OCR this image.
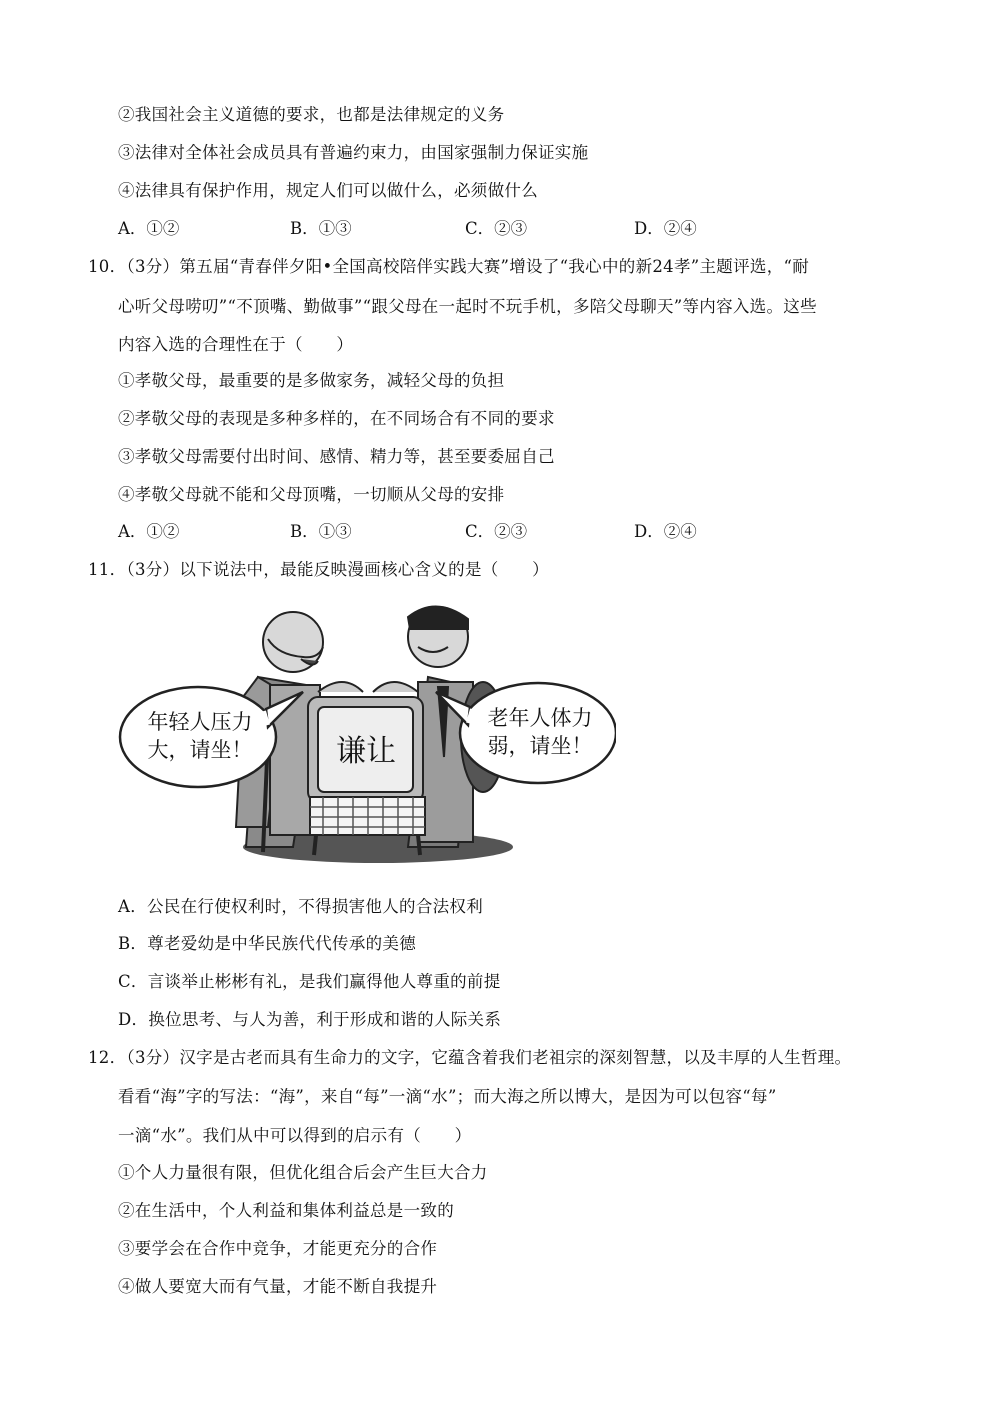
②我国社会主义道德的要求，也都是法律规定的义务
③法律对全体社会成员具有普遍约束力，由国家强制力保证实施
④法律具有保护作用，规定人们可以做什么，必须做什么
A．①②	B．①③	C．②③	D．②④
10．（3分）第五届“青春伴夕阳•全国高校陪伴实践大赛”增设了“我心中的新24孝”主题评选，“耐
心听父母唠叨”“不顶嘴、勤做事”“跟父母在一起时不玩手机，多陪父母聊天”等内容入选。这些
内容入选的合理性在于（　　）
①孝敬父母，最重要的是多做家务，减轻父母的负担
②孝敬父母的表现是多种多样的，在不同场合有不同的要求
③孝敬父母需要付出时间、感情、精力等，甚至要委屈自己
④孝敬父母就不能和父母顶嘴，一切顺从父母的安排
A．①②	B．①③	C．②③	D．②④
11．（3分）以下说法中，最能反映漫画核心含义的是（　　）
谦让
年轻人压力
大，请坐！
老年人体力
弱，请坐！
A．公民在行使权利时，不得损害他人的合法权利
B．尊老爱幼是中华民族代代传承的美德
C．言谈举止彬彬有礼，是我们赢得他人尊重的前提
D．换位思考、与人为善，利于形成和谐的人际关系
12．（3分）汉字是古老而具有生命力的文字，它蕴含着我们老祖宗的深刻智慧，以及丰厚的人生哲理。
看看“海”字的写法：“海”，来自“每”一滴“水”；而大海之所以博大，是因为可以包容“每”
一滴“水”。我们从中可以得到的启示有（　　）
①个人力量很有限，但优化组合后会产生巨大合力
②在生活中，个人利益和集体利益总是一致的
③要学会在合作中竞争，才能更充分的合作
④做人要宽大而有气量，才能不断自我提升
